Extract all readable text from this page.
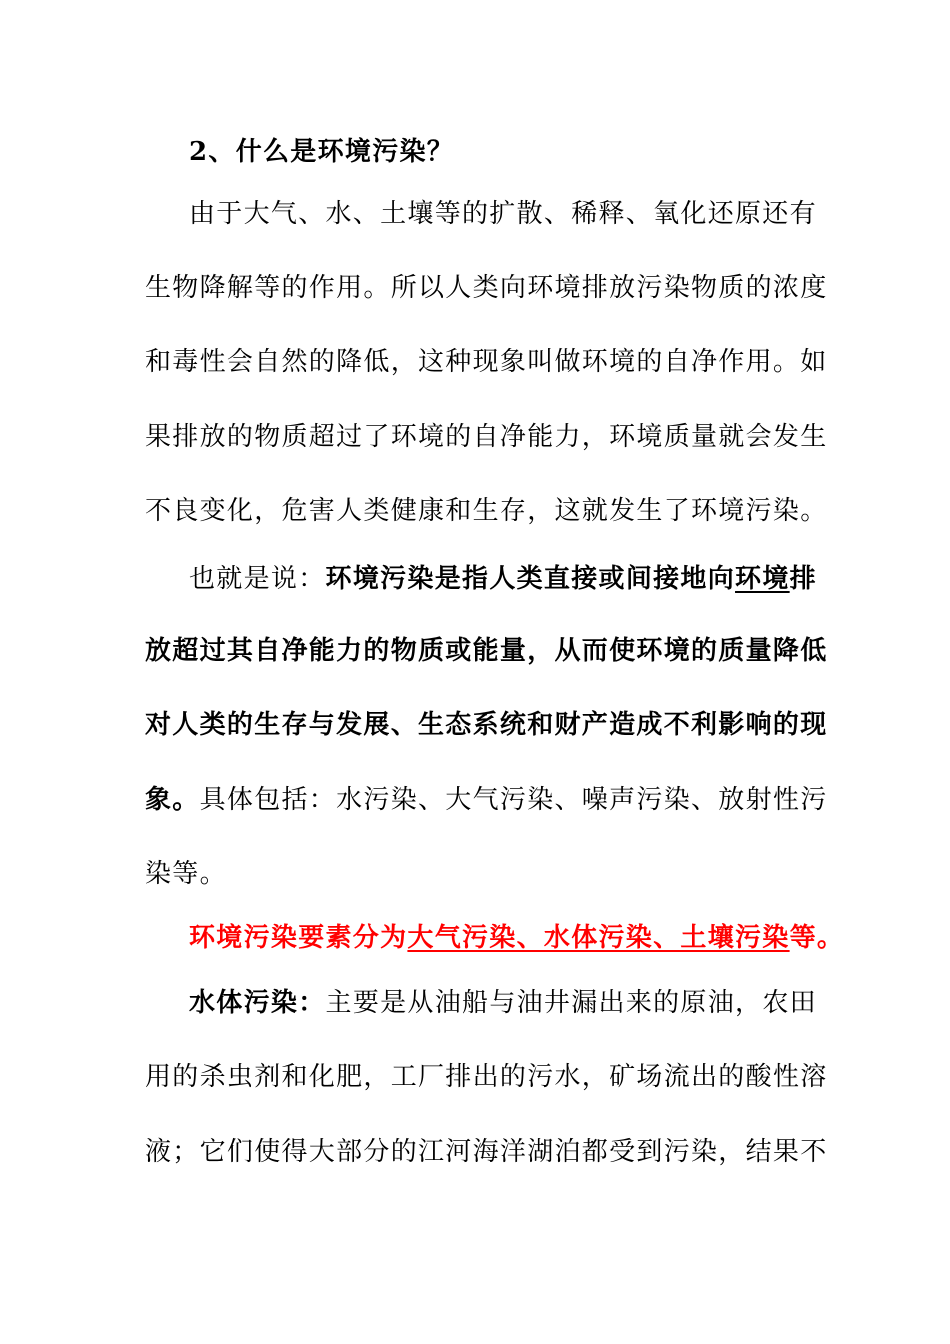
2、什么是环境污染？
由于大气、水、土壤等的扩散、稀释、氧化还原还有
生物降解等的作用。所以人类向环境排放污染物质的浓度
和毒性会自然的降低，这种现象叫做环境的自净作用。如
果排放的物质超过了环境的自净能力，环境质量就会发生
不良变化，危害人类健康和生存，这就发生了环境污染。
也就是说：环境污染是指人类直接或间接地向环境排
放超过其自净能力的物质或能量，从而使环境的质量降低
对人类的生存与发展、生态系统和财产造成不利影响的现
象。具体包括：水污染、大气污染、噪声污染、放射性污
染等。
环境污染要素分为大气污染、水体污染、土壤污染等。
水体污染：主要是从油船与油井漏出来的原油，农田
用的杀虫剂和化肥，工厂排出的污水，矿场流出的酸性溶
液；它们使得大部分的江河海洋湖泊都受到污染，结果不
